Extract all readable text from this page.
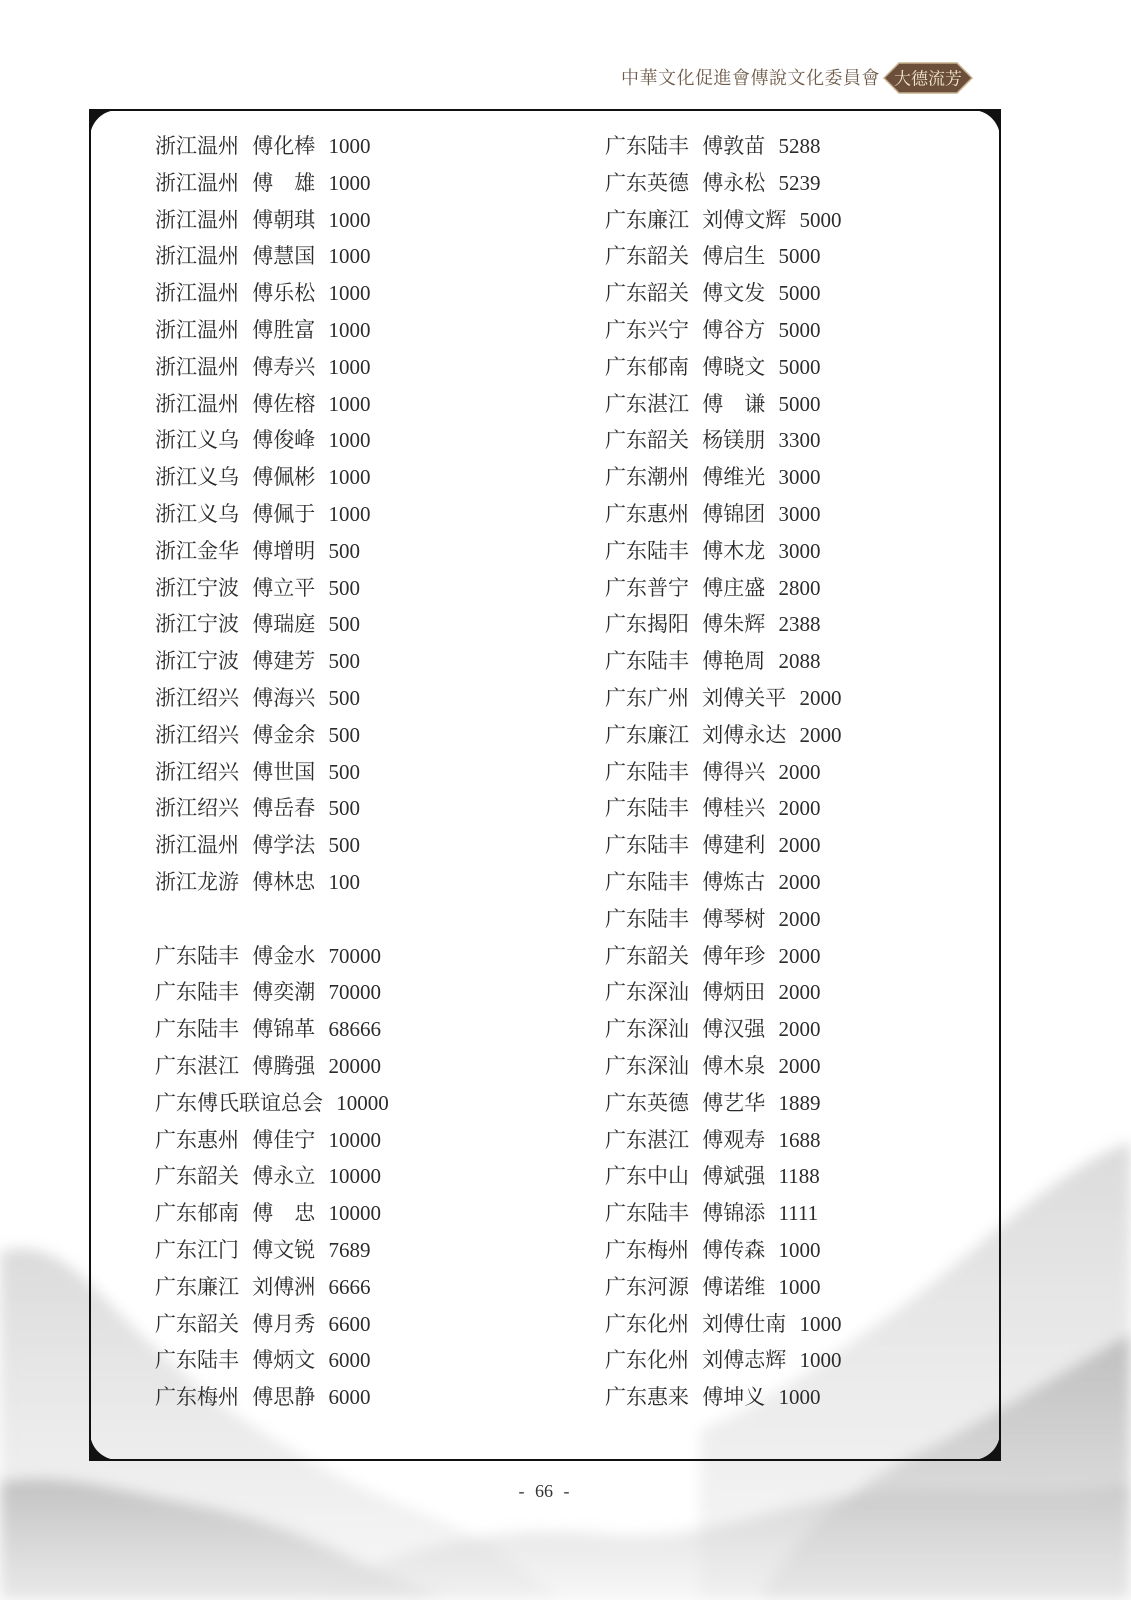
中華文化促進會傳說文化委員會 大德流芳
浙江温州 傅化棒 1000
浙江温州 傅　雄 1000
浙江温州 傅朝琪 1000
浙江温州 傅慧国 1000
浙江温州 傅乐松 1000
浙江温州 傅胜富 1000
浙江温州 傅寿兴 1000
浙江温州 傅佐榕 1000
浙江义乌 傅俊峰 1000
浙江义乌 傅佩彬 1000
浙江义乌 傅佩于 1000
浙江金华 傅增明 500
浙江宁波 傅立平 500
浙江宁波 傅瑞庭 500
浙江宁波 傅建芳 500
浙江绍兴 傅海兴 500
浙江绍兴 傅金余 500
浙江绍兴 傅世国 500
浙江绍兴 傅岳春 500
浙江温州 傅学法 500
浙江龙游 傅林忠 100
广东陆丰 傅金水 70000
广东陆丰 傅奕潮 70000
广东陆丰 傅锦革 68666
广东湛江 傅腾强 20000
广东傅氏联谊总会 10000
广东惠州 傅佳宁 10000
广东韶关 傅永立 10000
广东郁南 傅　忠 10000
广东江门 傅文锐 7689
广东廉江 刘傅洲 6666
广东韶关 傅月秀 6600
广东陆丰 傅炳文 6000
广东梅州 傅思静 6000
广东陆丰 傅敦苗 5288
广东英德 傅永松 5239
广东廉江 刘傅文辉 5000
广东韶关 傅启生 5000
广东韶关 傅文发 5000
广东兴宁 傅谷方 5000
广东郁南 傅晓文 5000
广东湛江 傅　谦 5000
广东韶关 杨镁朋 3300
广东潮州 傅维光 3000
广东惠州 傅锦团 3000
广东陆丰 傅木龙 3000
广东普宁 傅庄盛 2800
广东揭阳 傅朱辉 2388
广东陆丰 傅艳周 2088
广东广州 刘傅关平 2000
广东廉江 刘傅永达 2000
广东陆丰 傅得兴 2000
广东陆丰 傅桂兴 2000
广东陆丰 傅建利 2000
广东陆丰 傅炼古 2000
广东陆丰 傅琴树 2000
广东韶关 傅年珍 2000
广东深汕 傅炳田 2000
广东深汕 傅汉强 2000
广东深汕 傅木泉 2000
广东英德 傅艺华 1889
广东湛江 傅观寿 1688
广东中山 傅斌强 1188
广东陆丰 傅锦添 1111
广东梅州 傅传森 1000
广东河源 傅诺维 1000
广东化州 刘傅仕南 1000
广东化州 刘傅志辉 1000
广东惠来 傅坤义 1000
- 66 -
